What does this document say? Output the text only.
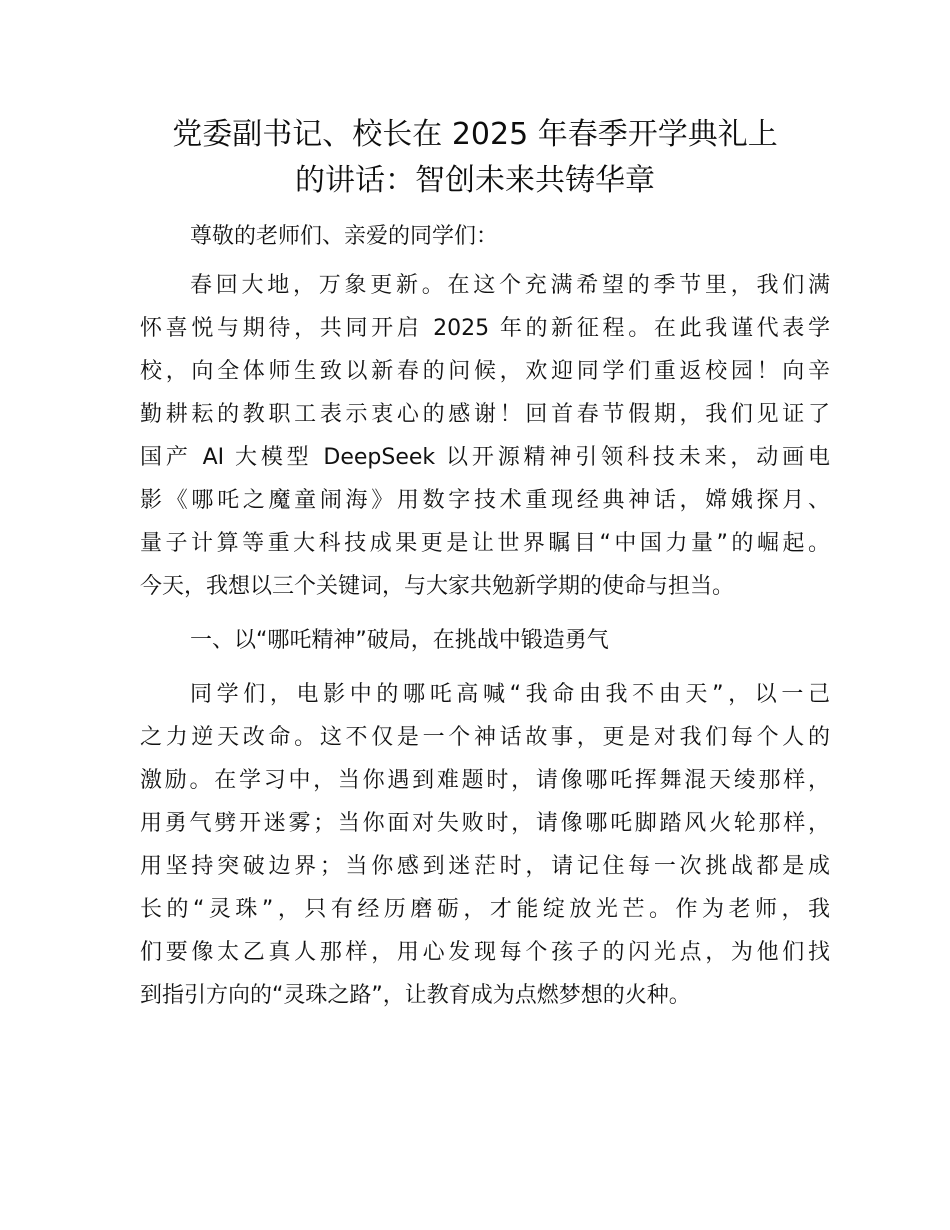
党委副书记、校长在 2025 年春季开学典礼上
的讲话：智创未来共铸华章

尊敬的老师们、亲爱的同学们：

春回大地，万象更新。在这个充满希望的季节里，我们满

怀喜悦与期待，共同开启 2025 年的新征程。在此我谨代表学

校，向全体师生致以新春的问候，欢迎同学们重返校园！向辛

勤耕耘的教职工表示衷心的感谢！回首春节假期，我们见证了

国产 AI 大模型 DeepSeek 以开源精神引领科技未来，动画电

影《哪吒之魔童闹海》用数字技术重现经典神话，嫦娥探月、

量子计算等重大科技成果更是让世界瞩目“中国力量”的崛起。

今天，我想以三个关键词，与大家共勉新学期的使命与担当。

一、以“哪吒精神”破局，在挑战中锻造勇气

同学们，电影中的哪吒高喊“我命由我不由天”，以一己

之力逆天改命。这不仅是一个神话故事，更是对我们每个人的

激励。在学习中，当你遇到难题时，请像哪吒挥舞混天绫那样，

用勇气劈开迷雾；当你面对失败时，请像哪吒脚踏风火轮那样，

用坚持突破边界；当你感到迷茫时，请记住每一次挑战都是成

长的“灵珠”，只有经历磨砺，才能绽放光芒。作为老师，我

们要像太乙真人那样，用心发现每个孩子的闪光点，为他们找

到指引方向的“灵珠之路”，让教育成为点燃梦想的火种。
